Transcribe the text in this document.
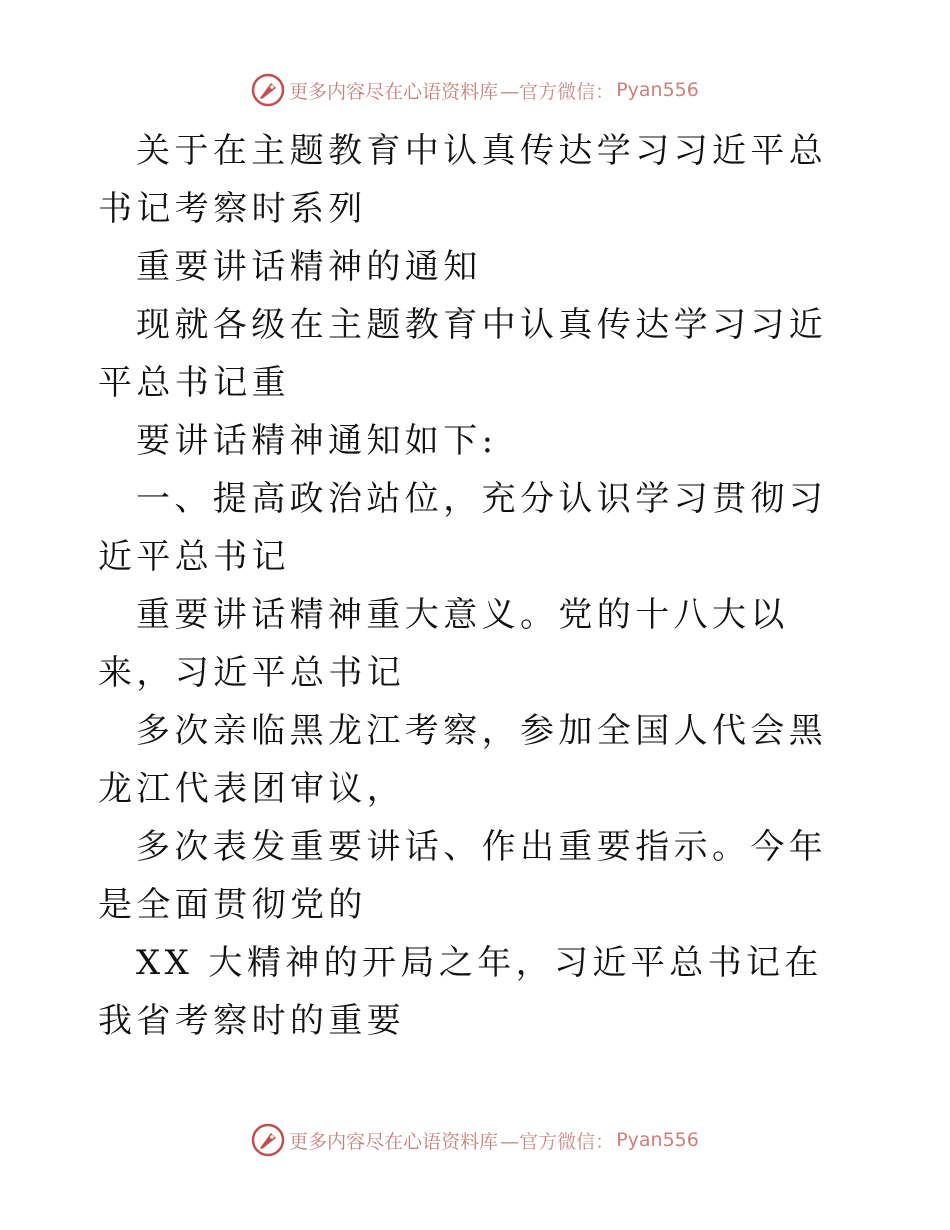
更多内容尽在心语资料库 —官方微信： Pyan556

关于在主题教育中认真传达学习习近平总书记考察时系列

重要讲话精神的通知

现就各级在主题教育中认真传达学习习近平总书记重

要讲话精神通知如下:

一、提高政治站位，充分认识学习贯彻习近平总书记

重要讲话精神重大意义。党的十八大以来，习近平总书记

多次亲临黑龙江考察，参加全国人代会黑龙江代表团审议，

多次表发重要讲话、作出重要指示。今年是全面贯彻党的

XX 大精神的开局之年，习近平总书记在我省考察时的重要

更多内容尽在心语资料库 —官方微信： Pyan556
